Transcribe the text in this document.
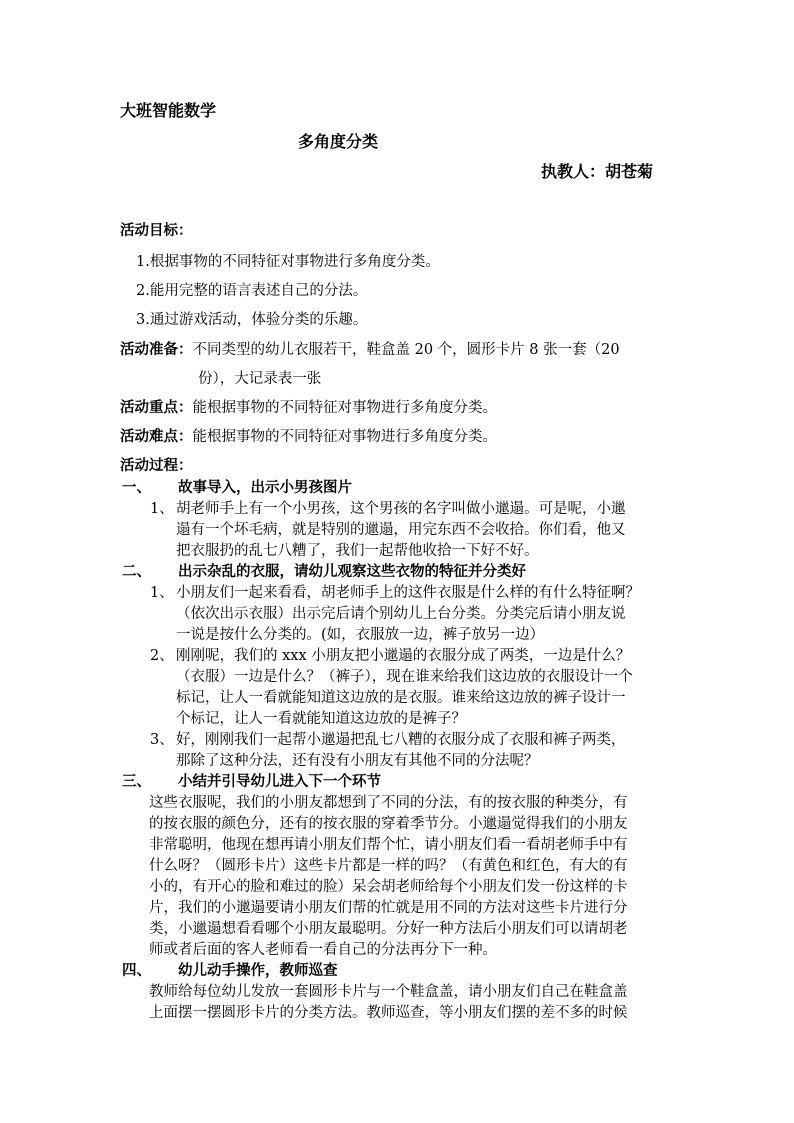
大班智能数学
多角度分类
执教人：胡苍菊
活动目标：
1.根据事物的不同特征对事物进行多角度分类。
2.能用完整的语言表述自己的分法。
3.通过游戏活动，体验分类的乐趣。
活动准备：不同类型的幼儿衣服若干，鞋盒盖 20 个，圆形卡片 8 张一套（20
份），大记录表一张
活动重点：能根据事物的不同特征对事物进行多角度分类。
活动难点：能根据事物的不同特征对事物进行多角度分类。
活动过程：
一、 故事导入，出示小男孩图片
1、 胡老师手上有一个小男孩，这个男孩的名字叫做小邋遢。可是呢，小邋
遢有一个坏毛病，就是特别的邋遢，用完东西不会收拾。你们看，他又
把衣服扔的乱七八糟了，我们一起帮他收拾一下好不好。
二、 出示杂乱的衣服，请幼儿观察这些衣物的特征并分类好
1、 小朋友们一起来看看，胡老师手上的这件衣服是什么样的有什么特征啊？
（依次出示衣服）出示完后请个别幼儿上台分类。分类完后请小朋友说
一说是按什么分类的。(如，衣服放一边，裤子放另一边）
2、 刚刚呢，我们的 xxx 小朋友把小邋遢的衣服分成了两类，一边是什么？
（衣服）一边是什么？（裤子），现在谁来给我们这边放的衣服设计一个
标记，让人一看就能知道这边放的是衣服。谁来给这边放的裤子设计一
个标记，让人一看就能知道这边放的是裤子？
3、 好，刚刚我们一起帮小邋遢把乱七八糟的衣服分成了衣服和裤子两类，
那除了这种分法，还有没有小朋友有其他不同的分法呢？
三、 小结并引导幼儿进入下一个环节
这些衣服呢，我们的小朋友都想到了不同的分法，有的按衣服的种类分，有
的按衣服的颜色分，还有的按衣服的穿着季节分。小邋遢觉得我们的小朋友
非常聪明，他现在想再请小朋友们帮个忙，请小朋友们看一看胡老师手中有
什么呀？（圆形卡片）这些卡片都是一样的吗？（有黄色和红色，有大的有
小的，有开心的脸和难过的脸）呆会胡老师给每个小朋友们发一份这样的卡
片，我们的小邋遢要请小朋友们帮的忙就是用不同的方法对这些卡片进行分
类，小邋遢想看看哪个小朋友最聪明。分好一种方法后小朋友们可以请胡老
师或者后面的客人老师看一看自己的分法再分下一种。
四、 幼儿动手操作，教师巡查
教师给每位幼儿发放一套圆形卡片与一个鞋盒盖，请小朋友们自己在鞋盒盖
上面摆一摆圆形卡片的分类方法。教师巡查，等小朋友们摆的差不多的时候
